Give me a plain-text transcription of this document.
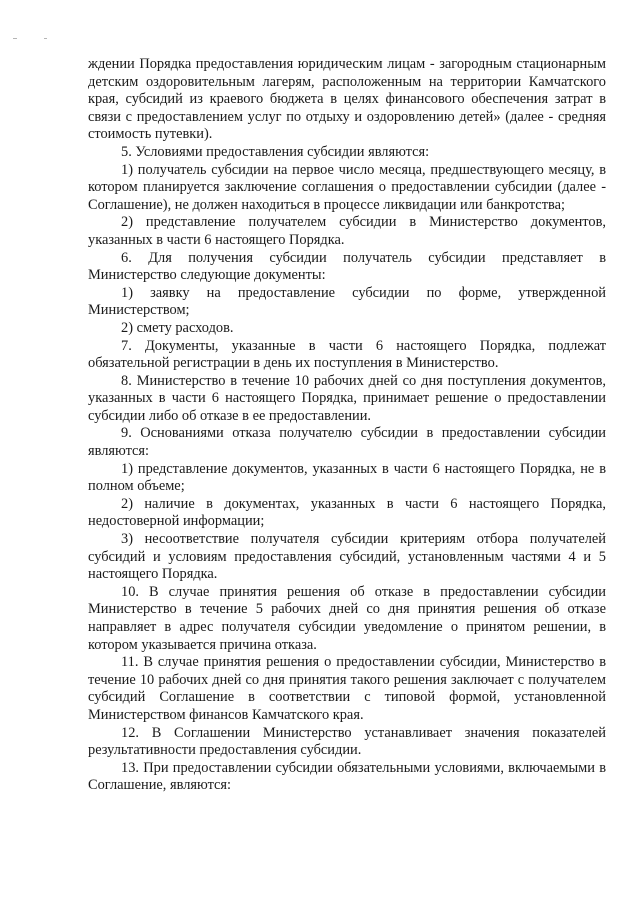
ждении Порядка предоставления юридическим лицам - загородным стационарным детским оздоровительным лагерям, расположенным на территории Камчатского края, субсидий из краевого бюджета в целях финансового обеспечения затрат в связи с предоставлением услуг по отдыху и оздоровлению детей» (далее - средняя стоимость путевки).

5. Условиями предоставления субсидии являются:

1) получатель субсидии на первое число месяца, предшествующего месяцу, в котором планируется заключение соглашения о предоставлении субсидии (далее - Соглашение), не должен находиться в процессе ликвидации или банкротства;

2) представление получателем субсидии в Министерство документов, указанных в части 6 настоящего Порядка.

6. Для получения субсидии получатель субсидии представляет в Министерство следующие документы:

1) заявку на предоставление субсидии по форме, утвержденной Министерством;

2) смету расходов.

7. Документы, указанные в части 6 настоящего Порядка, подлежат обязательной регистрации в день их поступления в Министерство.

8. Министерство в течение 10 рабочих дней со дня поступления документов, указанных в части 6 настоящего Порядка, принимает решение о предоставлении субсидии либо об отказе в ее предоставлении.

9. Основаниями отказа получателю субсидии в предоставлении субсидии являются:

1) представление документов, указанных в части 6 настоящего Порядка, не в полном объеме;

2) наличие в документах, указанных в части 6 настоящего Порядка, недостоверной информации;

3) несоответствие получателя субсидии критериям отбора получателей субсидий и условиям предоставления субсидий, установленным частями 4 и 5 настоящего Порядка.

10. В случае принятия решения об отказе в предоставлении субсидии Министерство в течение 5 рабочих дней со дня принятия решения об отказе направляет в адрес получателя субсидии уведомление о принятом решении, в котором указывается причина отказа.

11. В случае принятия решения о предоставлении субсидии, Министерство в течение 10 рабочих дней со дня принятия такого решения заключает с получателем субсидий Соглашение в соответствии с типовой формой, установленной Министерством финансов Камчатского края.

12. В Соглашении Министерство устанавливает значения показателей результативности предоставления субсидии.

13. При предоставлении субсидии обязательными условиями, включаемыми в Соглашение, являются:
